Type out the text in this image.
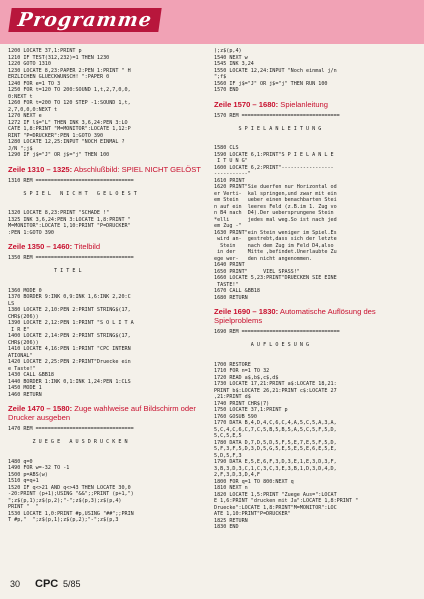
Programme
1200 LOCATE 37,1:PRINT p
1210 IF TEST(312,232)=1 THEN 1230
1220 GOTO 1310
1230 LOCATE 8,23:PAPER 2:PEN 1:PRINT " H
ERZLICHEN GLUECKWUNSCH! ":PAPER 0
1240 FOR e=1 TO 3
1250 FOR t=120 TO 200:SOUND 1,t,2,7,0,0,
0:NEXT t
1260 FOR t=200 TO 120 STEP -1:SOUND 1,t,
2,7,0,0,0:NEXT t
1270 NEXT e
1272 IF l$="L" THEN INK 3,6,24:PEN 3:LO
CATE 1,8:PRINT "M=MONITOR":LOCATE 1,12:P
RINT "P=DRUCKER":PEN 1:GOTO 390
1280 LOCATE 12,25:INPUT "NOCH EINMAL ?
J/N ";j$
1290 IF j$="J" OR j$="j" THEN 100
Zeile 1310 – 1325: Abschlußbild: SPIEL NICHT GELÖST
1310 REM ================================

S P I E L   N I C H T   G E L O E S T

1320 LOCATE 8,23:PRINT "SCHADE !"
1325 INK 3,6,24:PEN 3:LOCATE 1,8:PRINT "
M=MONITOR":LOCATE 1,10:PRINT "P=DRUCKER"
:PEN 1:GOTO 390
Zeile 1350 – 1460: Titelbild
1350 REM ================================

T I T E L

1360 MODE 0
1370 BORDER 9:INK 0,9:INK 1,6:INK 2,20:C
LS
1380 LOCATE 2,10:PEN 2:PRINT STRING$(17,
CHR$(206))
1390 LOCATE 2,12:PEN 1:PRINT "S O L I T A
I R E"
1400 LOCATE 2,14:PEN 2:PRINT STRING$(17,
CHR$(206))
1410 LOCATE 4,16:PEN 1:PRINT "CPC INTERN
ATIONAL"
1420 LOCATE 2,25:PEN 2:PRINT"Druecke ein
e Taste!"
1430 CALL &BB18
1440 BORDER 1:INK 0,1:INK 1,24:PEN 1:CLS
1450 MODE 1
1460 RETURN
Zeile 1470 – 1580: Zuge wahlweise auf Bildschirm oder Drucker ausgeben
1470 REM ================================

Z U E G E   A U S D R U C K E N

1480 q=0
1490 FOR w=-32 TO -1
1500 p=ABS(w)
1510 q=q+1
1520 IF q<>21 AND q<>43 THEN LOCATE 30,0
-20:PRINT (p+1);USING "&&";;PRINT (p+1,")
";z$(p,1);z$(p,2);"-";z$(p,3);z$(p,4)
PRINT "  "
1530 LOCATE 1,0:PRINT #p,USING "##";;PRIN
T #p,"  ";z$(p,1);z$(p,2);"-";z$(p,3
);z$(p,4)
1540 NEXT w
1545 INK 3,24
1550 LOCATE 12,24:INPUT "Noch einmal j/n
";f$
1560 IF j$="J" OR j$="j" THEN RUN 100
1570 END
Zeile 1570 – 1680: Spielanleitung
1570 REM ================================

S P I E L A N L E I T U N G

1580 CLS
1590 LOCATE 6,1:PRINT"S P I E L A N L E
I T U N G"
1600 LOCATE 6,2:PRINT"-----------------
-----------"
1610 PRINT
1620 PRINT"Sie duerfen nur Horizontal od
er Verti-  kal springen,und zwar mit ein
em Stein   ueber einen benachbarten Stei
n auf ein  leeres Feld (z.B.im 1. Zug vo
n B4 nach  D4).Der uebersprungene Stein
*elli      jedes mal weg.So ist nach jed
em Zug -"
1630 PRINT"ein Stein weniger im Spiel.Es
wird an-  gestrebt,dass sich der letzte
Stein    nach dem Zug im Feld D4,also
in der    Mitte ,befindet.Unerlaubte Zu
ege wer-   den nicht angenommen.
1640 PRINT
1650 PRINT"     VIEL SPASS!"
1660 LOCATE 5,23:PRINT"DRUECKEN SIE EINE
TASTE!"
1670 CALL &BB18
1680 RETURN
Zeile 1690 – 1830: Automatische Auflösung des Spielproblems
1690 REM ================================

A U F L O E S U N G

1700 RESTORE
1710 FOR n=1 TO 32
1720 READ a$,b$,c$,d$
1730 LOCATE 17,21:PRINT a$:LOCATE 18,21:
PRINT b$:LOCATE 26,21:PRINT c$:LOCATE 27
,21:PRINT d$
1740 PRINT CHR$(7)
1750 LOCATE 37,1:PRINT p
1760 GOSUB 590
1770 DATA B,4,D,4,C,6,C,4,A,5,C,5,A,3,A,
5,C,4,C,6,C,7,C,5,B,5,B,5,A,5,C,5,F,5,D,
5,C,5,E,5
1780 DATA D,7,D,5,D,5,F,5,E,7,E,5,F,5,D,
5,F,3,F,5,D,3,D,5,G,5,E,5,E,5,E,6,E,5,E,
5,D,5,F,3
1790 DATA E,5,E,6,F,3,D,3,E,1,E,3,D,3,F,
3,B,3,D,3,C,1,C,3,C,3,E,3,B,1,D,3,D,4,D,
2,F,3,D,3,D,4,F
1800 FOR q=1 TO 800:NEXT q
1810 NEXT n
1820 LOCATE 1,5:PRINT "Zuege Aus=":LOCAT
E 1,6:PRINT "drucken mit Ja":LOCATE 1,8:PRINT "
Druecke":LOCATE 1,8:PRINT"M=MONITOR":LOC
ATE 1,10:PRINT"P=DRUCKER"
1825 RETURN
1830 END
30 CPC 5/85
